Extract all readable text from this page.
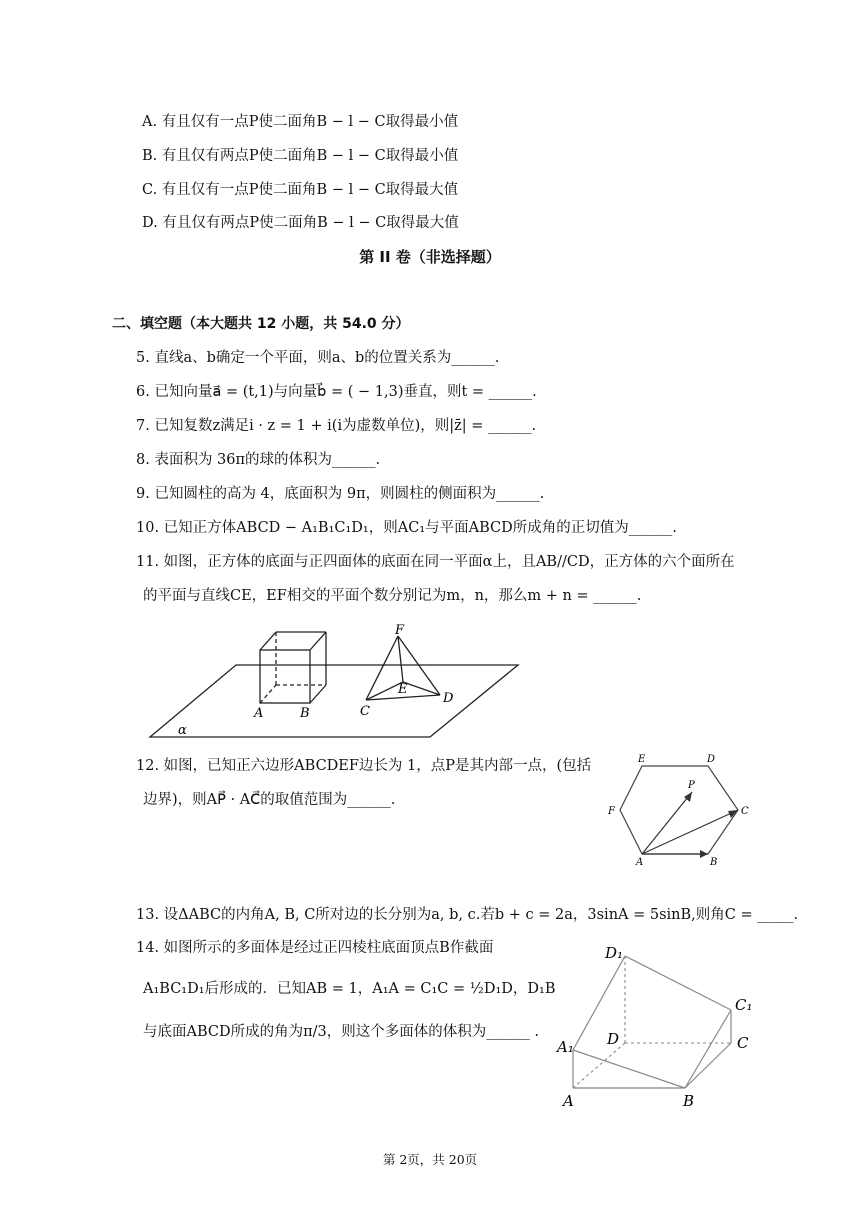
A. 有且仅有一点P使二面角B − l − C取得最小值
B. 有且仅有两点P使二面角B − l − C取得最小值
C. 有且仅有一点P使二面角B − l − C取得最大值
D. 有且仅有两点P使二面角B − l − C取得最大值
第 II 卷（非选择题）
二、填空题（本大题共 12 小题，共 54.0 分）
5. 直线a、b确定一个平面，则a、b的位置关系为______.
6. 已知向量a⃗ = (t,1)与向量b⃗ = ( − 1,3)垂直，则t = ______.
7. 已知复数z满足i · z = 1 + i(i为虚数单位)，则|z̄| = ______.
8. 表面积为 36π的球的体积为______.
9. 已知圆柱的高为 4，底面积为 9π，则圆柱的侧面积为______.
10. 已知正方体ABCD − A₁B₁C₁D₁，则AC₁与平面ABCD所成角的正切值为______.
11. 如图，正方体的底面与正四面体的底面在同一平面α上，且AB//CD，正方体的六个面所在
的平面与直线CE，EF相交的平面个数分别记为m，n，那么m + n = ______.
A	B	C
D
E
F
α
12. 如图，已知正六边形ABCDEF边长为 1，点P是其内部一点，(包括
边界)，则AP⃗ · AC⃗的取值范围为______.
A	B
C
D
E
F
P
13. 设ΔABC的内角A, B, C所对边的长分别为a, b, c.若b + c = 2a，3sinA = 5sinB,则角C = _____.
14. 如图所示的多面体是经过正四棱柱底面顶点B作截面
A₁BC₁D₁后形成的．已知AB = 1，A₁A = C₁C = ½D₁D，D₁B
与底面ABCD所成的角为π/3，则这个多面体的体积为______ .
D₁
C₁
D	C
A₁
A	B
第 2页，共 20页
